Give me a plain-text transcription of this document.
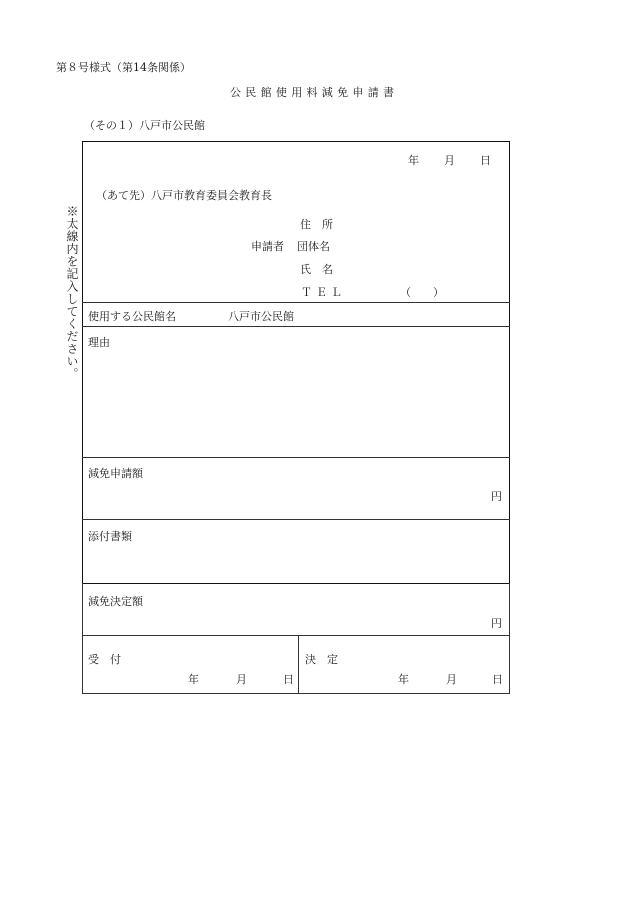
第８号様式（第14条関係）
公民館使用料減免申請書
（その１）八戸市公民館
※太線内を記入してください。
年 月 日
（あて先）八戸市教育委員会教育長
住　所
申請者 団体名
氏　名
ＴＥＬ	（　　）
使用する公民館名	八戸市公民館
理由
減免申請額
円
添付書類
減免決定額
円
受　付
年	月	日
決　定
年	月	日
